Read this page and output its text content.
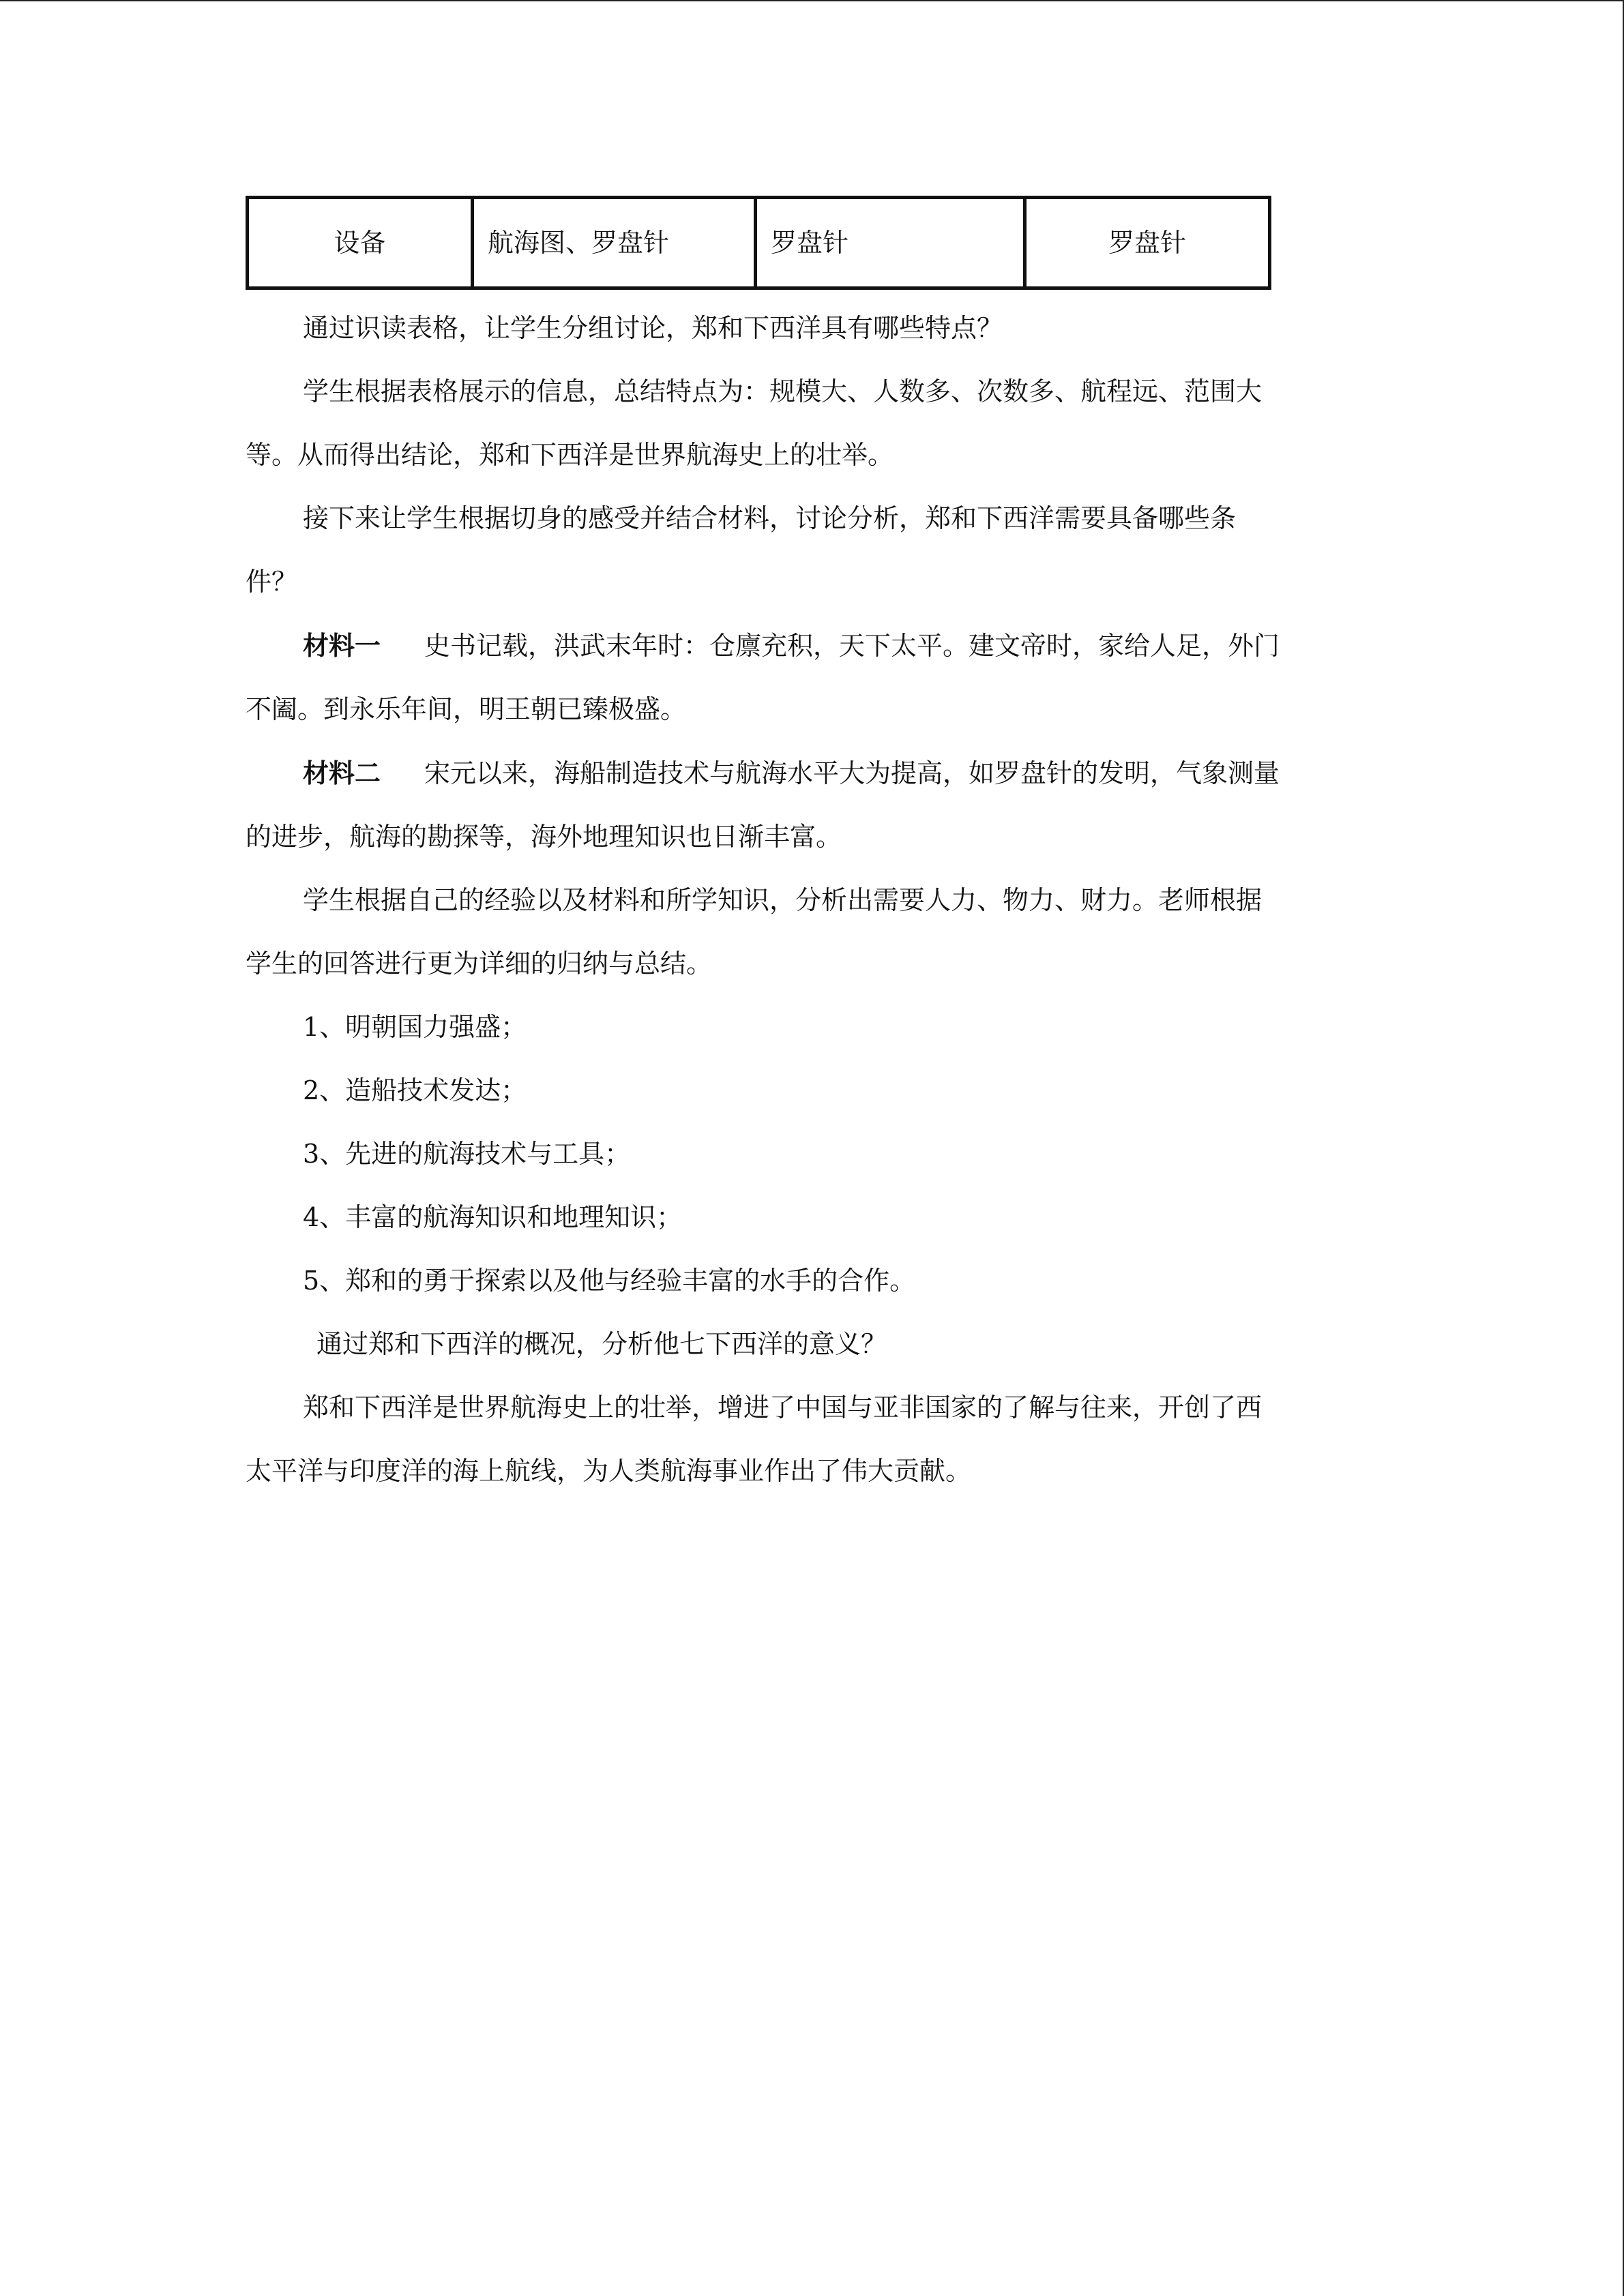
设备	航海图、罗盘针	罗盘针	罗盘针

通过识读表格，让学生分组讨论，郑和下西洋具有哪些特点？

学生根据表格展示的信息，总结特点为：规模大、人数多、次数多、航程远、范围大

等。从而得出结论，郑和下西洋是世界航海史上的壮举。

接下来让学生根据切身的感受并结合材料，讨论分析，郑和下西洋需要具备哪些条

件？

材料一 史书记载，洪武末年时：仓廪充积，天下太平。建文帝时，家给人足，外门

不阖。到永乐年间，明王朝已臻极盛。

材料二 宋元以来，海船制造技术与航海水平大为提高，如罗盘针的发明，气象测量

的进步，航海的勘探等，海外地理知识也日渐丰富。

学生根据自己的经验以及材料和所学知识，分析出需要人力、物力、财力。老师根据

学生的回答进行更为详细的归纳与总结。

1、明朝国力强盛；

2、造船技术发达；

3、先进的航海技术与工具；

4、丰富的航海知识和地理知识；

5、郑和的勇于探索以及他与经验丰富的水手的合作。

通过郑和下西洋的概况，分析他七下西洋的意义？

郑和下西洋是世界航海史上的壮举，增进了中国与亚非国家的了解与往来，开创了西

太平洋与印度洋的海上航线，为人类航海事业作出了伟大贡献。
